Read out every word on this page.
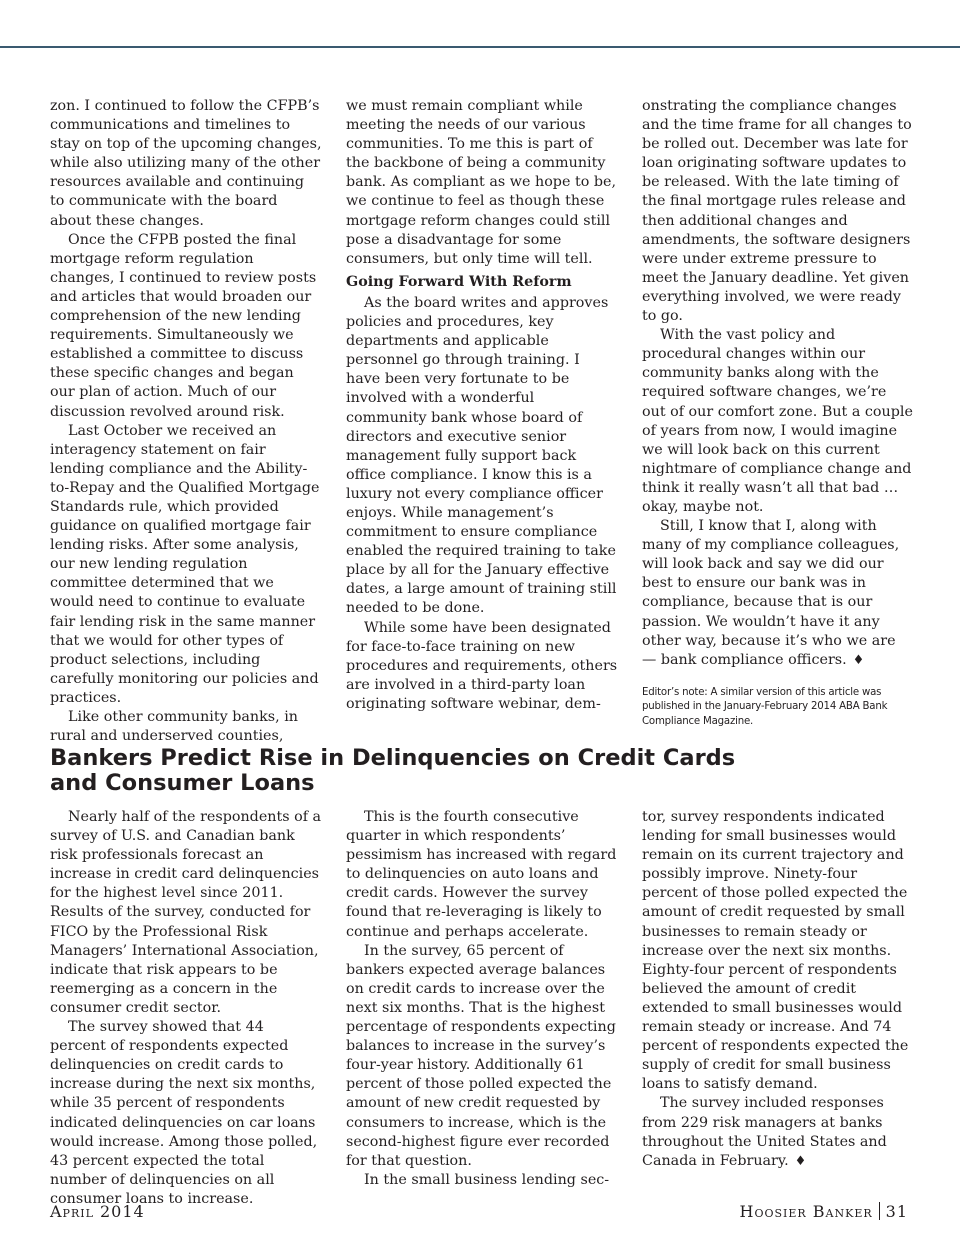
zon. I continued to follow the CFPB’s communications and timelines to stay on top of the upcoming changes, while also utilizing many of the other resources available and continuing to communicate with the board about these changes.

Once the CFPB posted the final mortgage reform regulation changes, I continued to review posts and articles that would broaden our comprehension of the new lending requirements. Simultaneously we established a committee to discuss these specific changes and began our plan of action. Much of our discussion revolved around risk.

Last October we received an interagency statement on fair lending compliance and the Ability-to-Repay and the Qualified Mortgage Standards rule, which provided guidance on qualified mortgage fair lending risks. After some analysis, our new lending regulation committee determined that we would need to continue to evaluate fair lending risk in the same manner that we would for other types of product selections, including carefully monitoring our policies and practices.

Like other community banks, in rural and underserved counties,

we must remain compliant while meeting the needs of our various communities. To me this is part of the backbone of being a community bank. As compliant as we hope to be, we continue to feel as though these mortgage reform changes could still pose a disadvantage for some consumers, but only time will tell.

Going Forward With Reform

As the board writes and approves policies and procedures, key departments and applicable personnel go through training. I have been very fortunate to be involved with a wonderful community bank whose board of directors and executive senior management fully support back office compliance. I know this is a luxury not every compliance officer enjoys. While management’s commitment to ensure compliance enabled the required training to take place by all for the January effective dates, a large amount of training still needed to be done.

While some have been designated for face-to-face training on new procedures and requirements, others are involved in a third-party loan originating software webinar, dem-

onstrating the compliance changes and the time frame for all changes to be rolled out. December was late for loan originating software updates to be released. With the late timing of the final mortgage rules release and then additional changes and amendments, the software designers were under extreme pressure to meet the January deadline. Yet given everything involved, we were ready to go.

With the vast policy and procedural changes within our community banks along with the required software changes, we’re out of our comfort zone. But a couple of years from now, I would imagine we will look back on this current nightmare of compliance change and think it really wasn’t all that bad …okay, maybe not.

Still, I know that I, along with many of my compliance colleagues, will look back and say we did our best to ensure our bank was in compliance, because that is our passion. We wouldn’t have it any other way, because it’s who we are — bank compliance officers. ♦

Editor’s note: A similar version of this article was published in the January-February 2014 ABA Bank Compliance Magazine.
Bankers Predict Rise in Delinquencies on Credit Cards and Consumer Loans

Nearly half of the respondents of a survey of U.S. and Canadian bank risk professionals forecast an increase in credit card delinquencies for the highest level since 2011. Results of the survey, conducted for FICO by the Professional Risk Managers’ International Association, indicate that risk appears to be reemerging as a concern in the consumer credit sector.

The survey showed that 44 percent of respondents expected delinquencies on credit cards to increase during the next six months, while 35 percent of respondents indicated delinquencies on car loans would increase. Among those polled, 43 percent expected the total number of delinquencies on all consumer loans to increase.

This is the fourth consecutive quarter in which respondents’ pessimism has increased with regard to delinquencies on auto loans and credit cards. However the survey found that re-leveraging is likely to continue and perhaps accelerate.

In the survey, 65 percent of bankers expected average balances on credit cards to increase over the next six months. That is the highest percentage of respondents expecting balances to increase in the survey’s four-year history. Additionally 61 percent of those polled expected the amount of new credit requested by consumers to increase, which is the second-highest figure ever recorded for that question.

In the small business lending sec-

tor, survey respondents indicated lending for small businesses would remain on its current trajectory and possibly improve. Ninety-four percent of those polled expected the amount of credit requested by small businesses to remain steady or increase over the next six months. Eighty-four percent of respondents believed the amount of credit extended to small businesses would remain steady or increase. And 74 percent of respondents expected the supply of credit for small business loans to satisfy demand.

The survey included responses from 229 risk managers at banks throughout the United States and Canada in February. ♦

April 2014	Hoosier Banker 31
